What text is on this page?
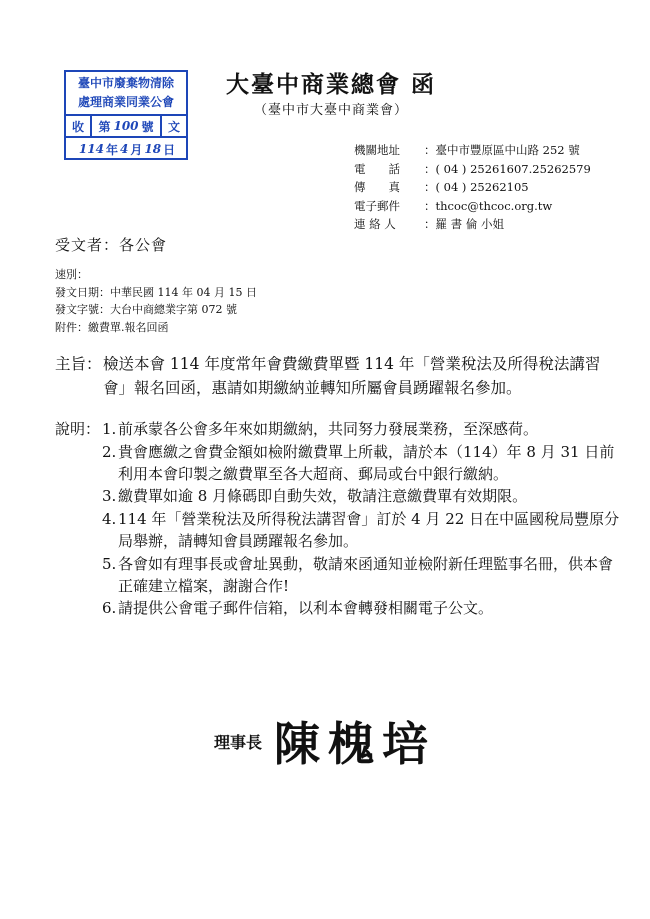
臺中市廢棄物清除
處理商業同業公會
收	第 100 號	文
114 年 4 月 18 日
大臺中商業總會 函
（臺中市大臺中商業會）
機關地址	：臺中市豐原區中山路 252 號
電　　話	：( 04 ) 25261607.25262579
傳　　真	：( 04 ) 25262105
電子郵件	：thcoc@thcoc.org.tw
連 絡 人	：羅 書 倫 小姐
受文者：各公會
速別：
發文日期：中華民國 114 年 04 月 15 日
發文字號：大台中商總業字第 072 號
附件：繳費單.報名回函
主旨： 檢送本會 114 年度常年會費繳費單暨 114 年「營業稅法及所得稅法講習會」報名回函，惠請如期繳納並轉知所屬會員踴躍報名參加。
說明： 1. 前承蒙各公會多年來如期繳納，共同努力發展業務，至深感荷。
2. 貴會應繳之會費金額如檢附繳費單上所載，請於本（114）年 8 月 31 日前利用本會印製之繳費單至各大超商、郵局或台中銀行繳納。
3. 繳費單如逾 8 月條碼即自動失效，敬請注意繳費單有效期限。
4. 114 年「營業稅法及所得稅法講習會」訂於 4 月 22 日在中區國稅局豐原分局舉辦，請轉知會員踴躍報名參加。
5. 各會如有理事長或會址異動，敬請來函通知並檢附新任理監事名冊，供本會正確建立檔案，謝謝合作!
6. 請提供公會電子郵件信箱，以利本會轉發相關電子公文。
理事長 陳槐培
